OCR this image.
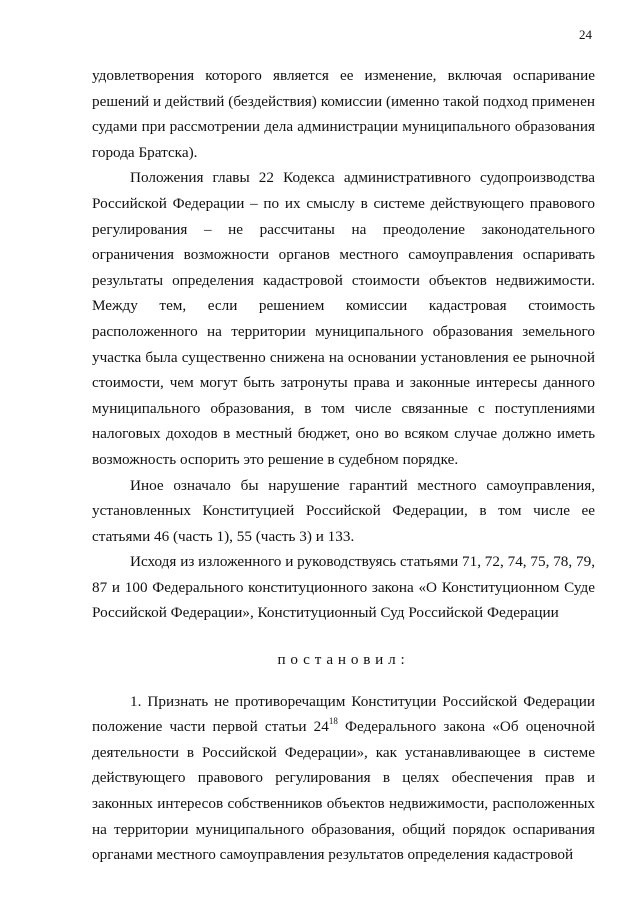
24

удовлетворения которого является ее изменение, включая оспаривание решений и действий (бездействия) комиссии (именно такой подход применен судами при рассмотрении дела администрации муниципального образования города Братска).

Положения главы 22 Кодекса административного судопроизводства Российской Федерации – по их смыслу в системе действующего правового регулирования – не рассчитаны на преодоление законодательного ограничения возможности органов местного самоуправления оспаривать результаты определения кадастровой стоимости объектов недвижимости. Между тем, если решением комиссии кадастровая стоимость расположенного на территории муниципального образования земельного участка была существенно снижена на основании установления ее рыночной стоимости, чем могут быть затронуты права и законные интересы данного муниципального образования, в том числе связанные с поступлениями налоговых доходов в местный бюджет, оно во всяком случае должно иметь возможность оспорить это решение в судебном порядке.

Иное означало бы нарушение гарантий местного самоуправления, установленных Конституцией Российской Федерации, в том числе ее статьями 46 (часть 1), 55 (часть 3) и 133.

Исходя из изложенного и руководствуясь статьями 71, 72, 74, 75, 78, 79, 87 и 100 Федерального конституционного закона «О Конституционном Суде Российской Федерации», Конституционный Суд Российской Федерации

постановил:

1. Признать не противоречащим Конституции Российской Федерации положение части первой статьи $24^{18}$ Федерального закона «Об оценочной деятельности в Российской Федерации», как устанавливающее в системе действующего правового регулирования в целях обеспечения прав и законных интересов собственников объектов недвижимости, расположенных на территории муниципального образования, общий порядок оспаривания органами местного самоуправления результатов определения кадастровой
